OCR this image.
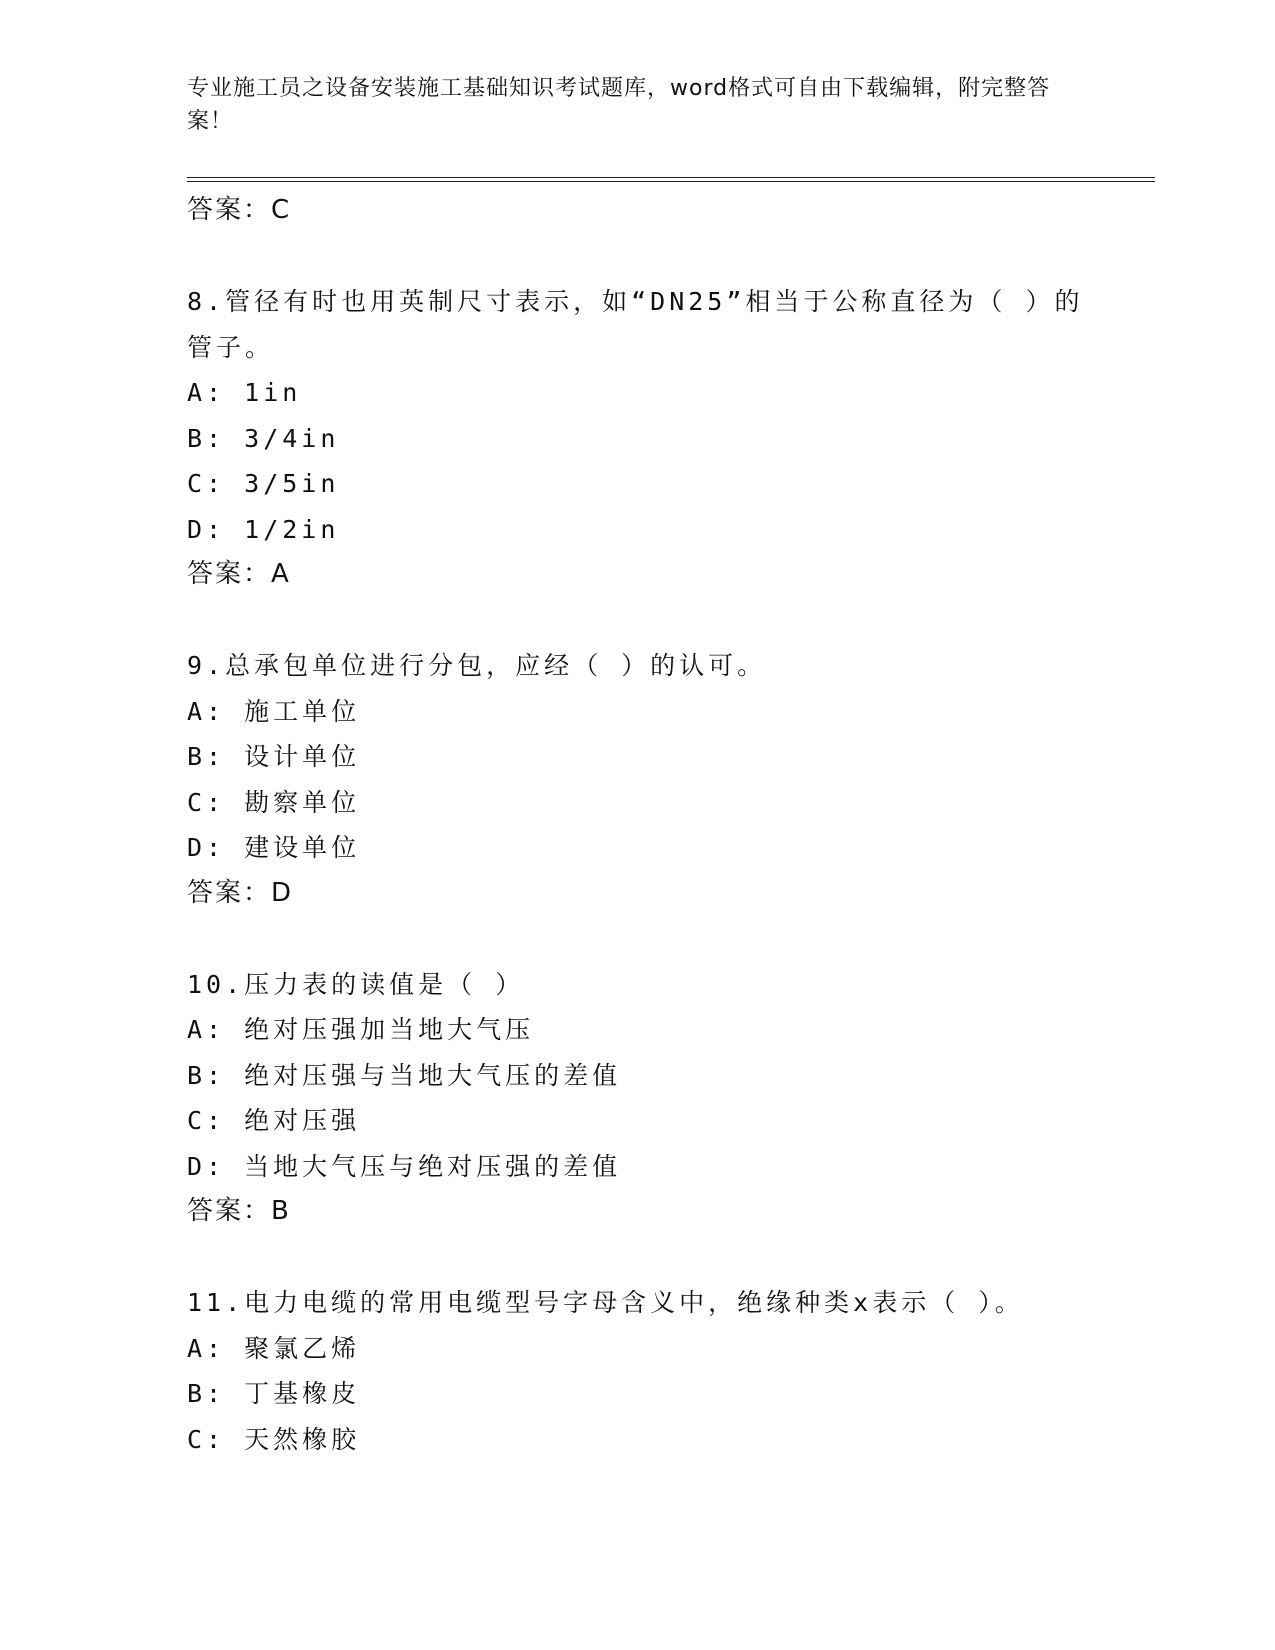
专业施工员之设备安装施工基础知识考试题库，word格式可自由下载编辑，附完整答案！
答案：C
8.管径有时也用英制尺寸表示，如“DN25”相当于公称直径为（ ）的
管子。
A: 1in
B: 3/4in
C: 3/5in
D: 1/2in
答案：A
9.总承包单位进行分包，应经（ ）的认可。
A: 施工单位
B: 设计单位
C: 勘察单位
D: 建设单位
答案：D
10.压力表的读值是（ ）
A: 绝对压强加当地大气压
B: 绝对压强与当地大气压的差值
C: 绝对压强
D: 当地大气压与绝对压强的差值
答案：B
11.电力电缆的常用电缆型号字母含义中，绝缘种类x表示（ ）。
A: 聚氯乙烯
B: 丁基橡皮
C: 天然橡胶
